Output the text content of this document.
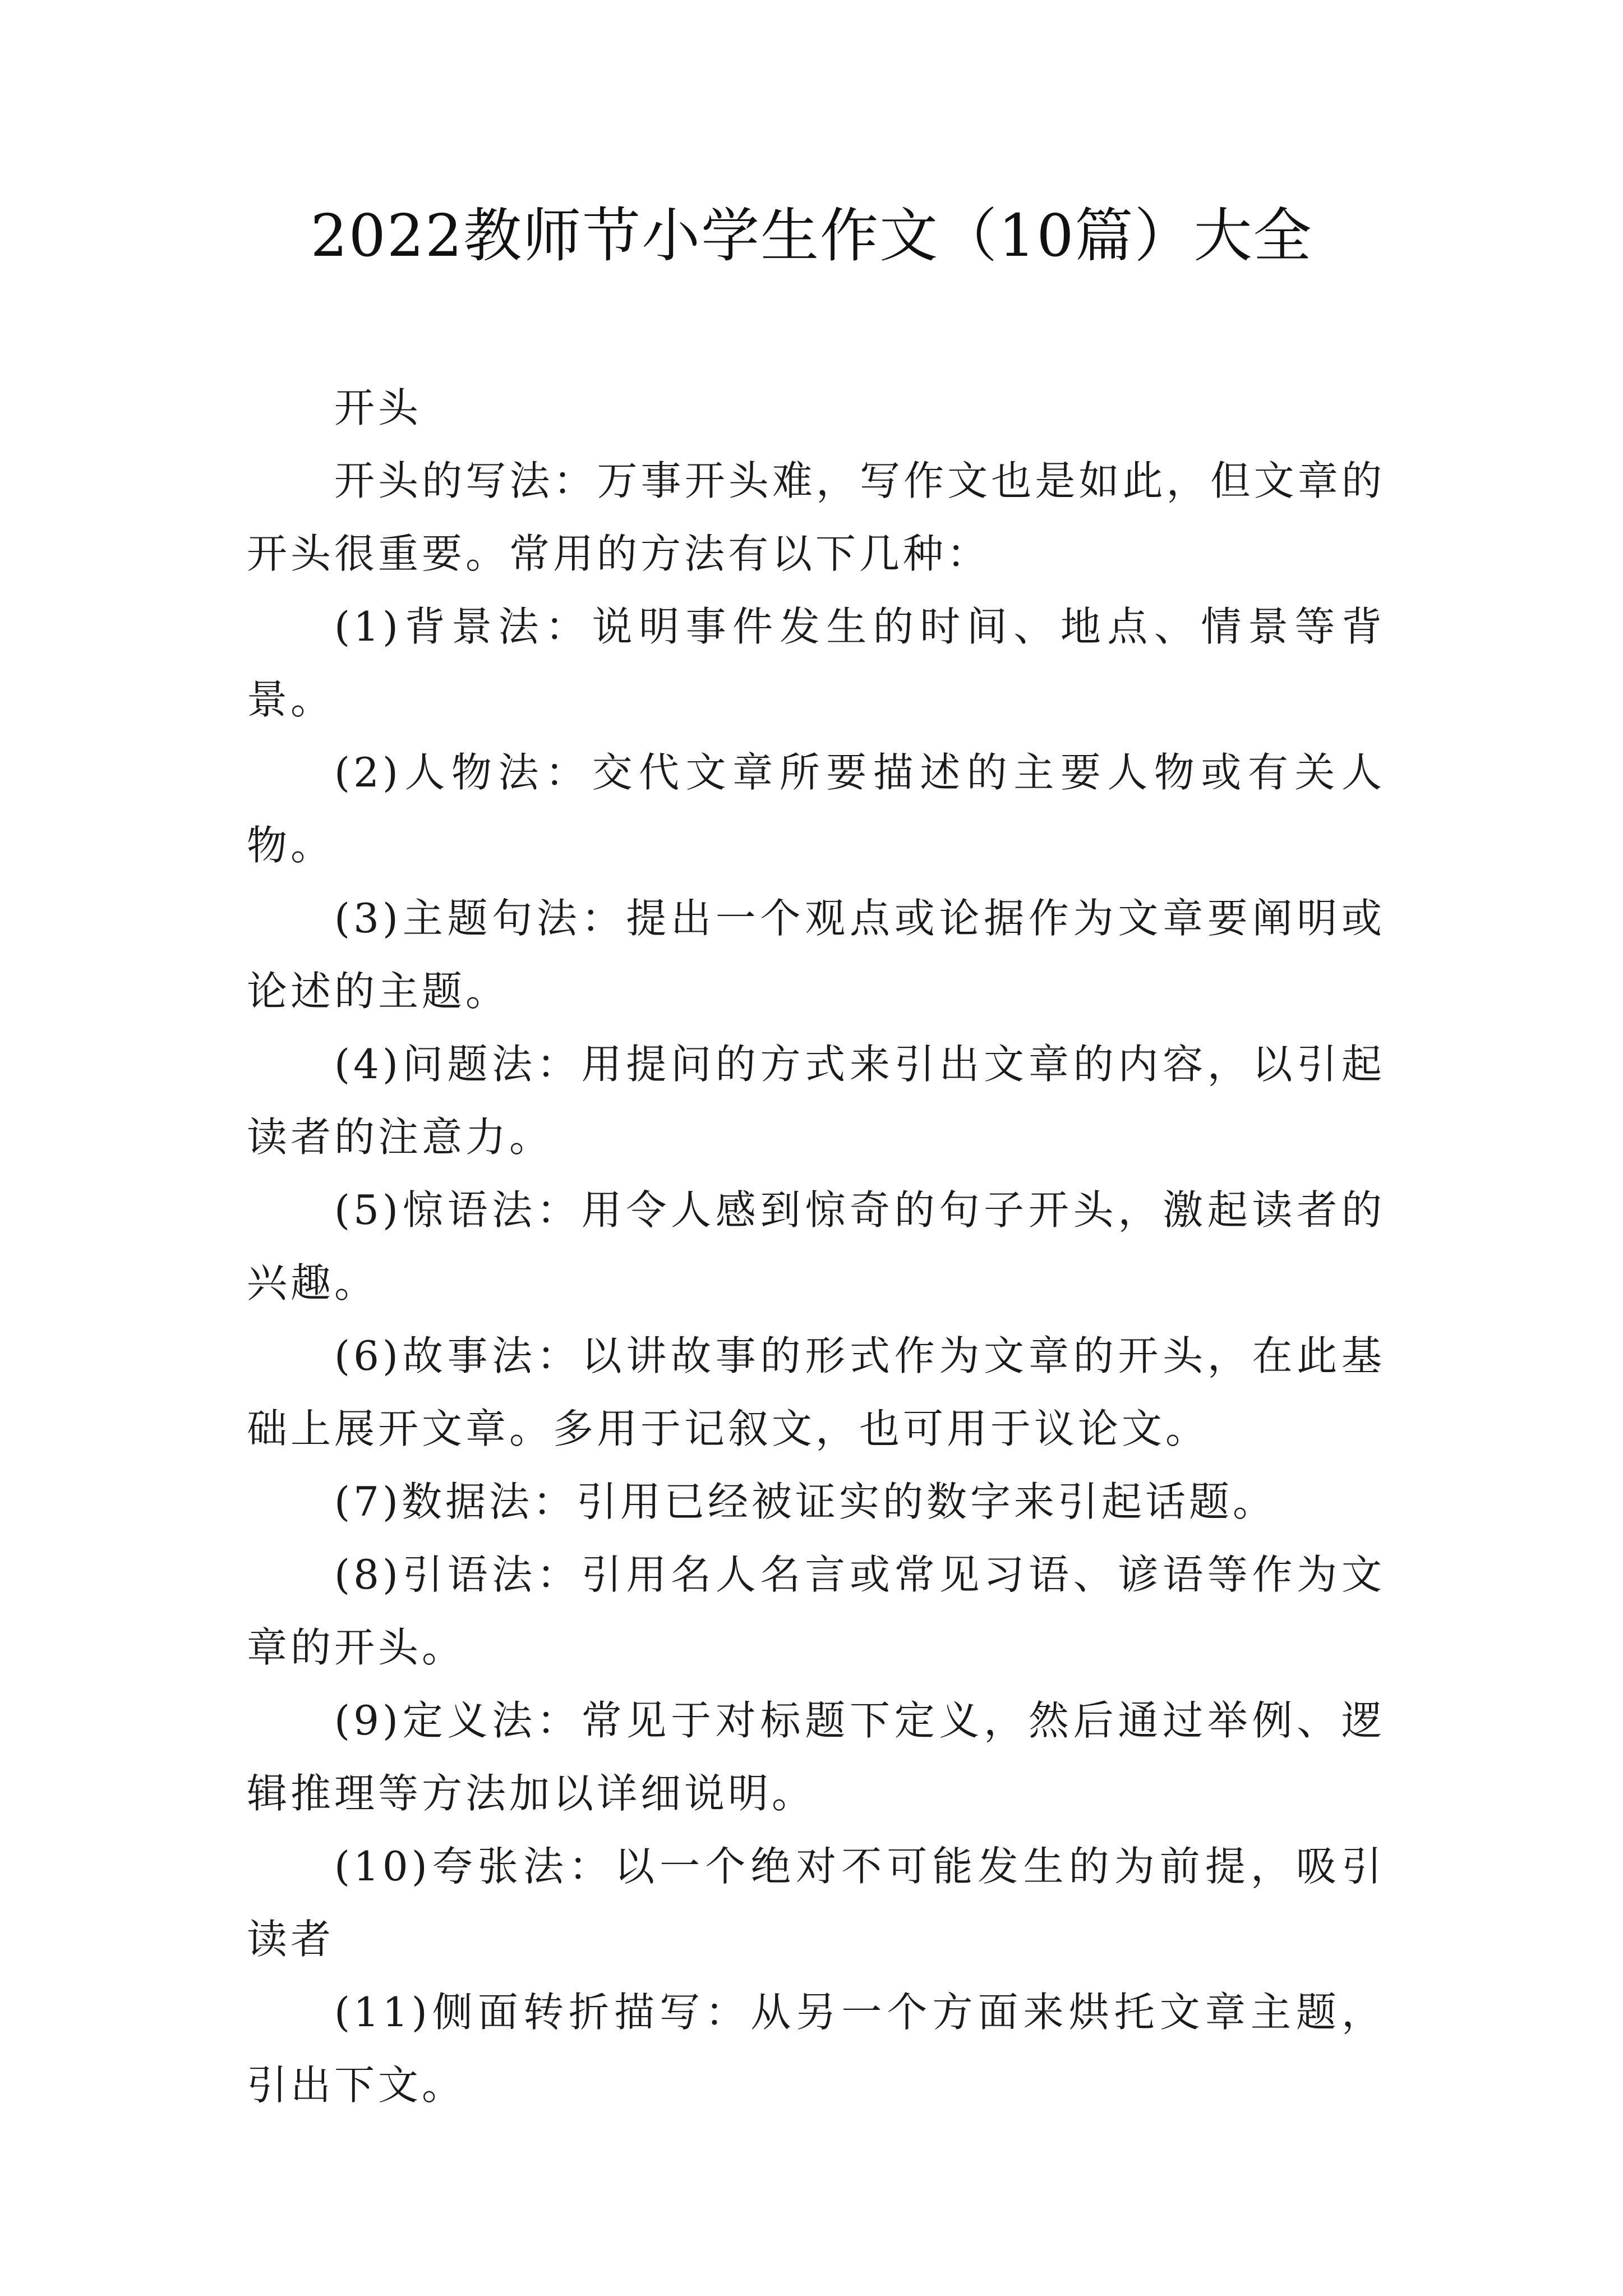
2022教师节小学生作文（10篇）大全

开头

开头的写法：万事开头难，写作文也是如此，但文章的开头很重要。常用的方法有以下几种：

(1)背景法：说明事件发生的时间、地点、情景等背景。

(2)人物法：交代文章所要描述的主要人物或有关人物。

(3)主题句法：提出一个观点或论据作为文章要阐明或论述的主题。

(4)问题法：用提问的方式来引出文章的内容，以引起读者的注意力。

(5)惊语法：用令人感到惊奇的句子开头，激起读者的兴趣。

(6)故事法：以讲故事的形式作为文章的开头，在此基础上展开文章。多用于记叙文，也可用于议论文。

(7)数据法：引用已经被证实的数字来引起话题。

(8)引语法：引用名人名言或常见习语、谚语等作为文章的开头。

(9)定义法：常见于对标题下定义，然后通过举例、逻辑推理等方法加以详细说明。

(10)夸张法：以一个绝对不可能发生的为前提，吸引读者

(11)侧面转折描写：从另一个方面来烘托文章主题，引出下文。
